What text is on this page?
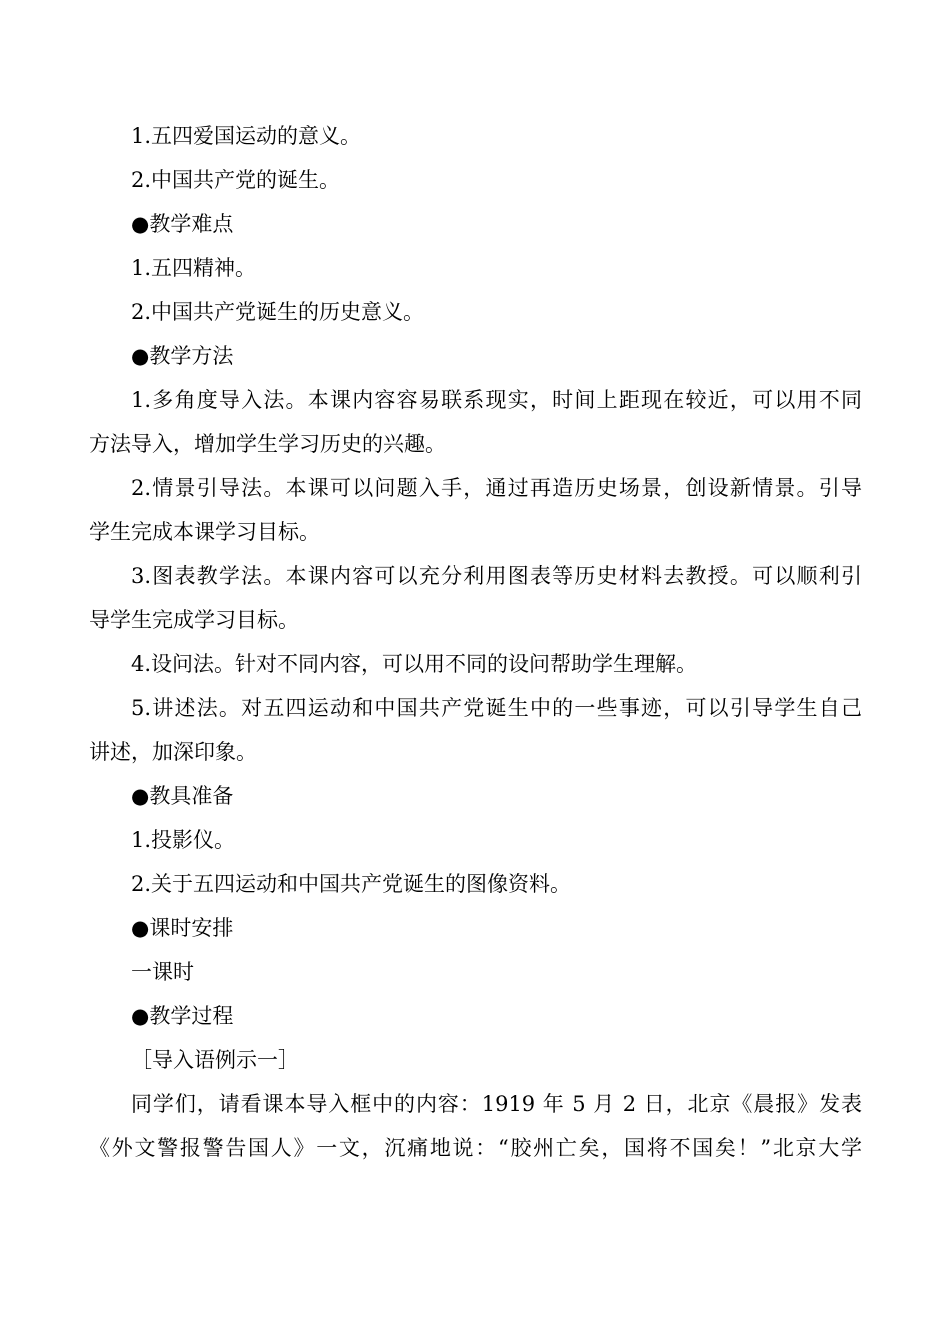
1.五四爱国运动的意义。
2.中国共产党的诞生。
●教学难点
1.五四精神。
2.中国共产党诞生的历史意义。
●教学方法
1.多角度导入法。本课内容容易联系现实，时间上距现在较近，可以用不同
方法导入，增加学生学习历史的兴趣。
2.情景引导法。本课可以问题入手，通过再造历史场景，创设新情景。引导
学生完成本课学习目标。
3.图表教学法。本课内容可以充分利用图表等历史材料去教授。可以顺利引
导学生完成学习目标。
4.设问法。针对不同内容，可以用不同的设问帮助学生理解。
5.讲述法。对五四运动和中国共产党诞生中的一些事迹，可以引导学生自己
讲述，加深印象。
●教具准备
1.投影仪。
2.关于五四运动和中国共产党诞生的图像资料。
●课时安排
一课时
●教学过程
［导入语例示一］
同学们，请看课本导入框中的内容：1919 年 5 月 2 日，北京《晨报》发表
《外文警报警告国人》一文，沉痛地说：“胶州亡矣，国将不国矣！”北京大学
